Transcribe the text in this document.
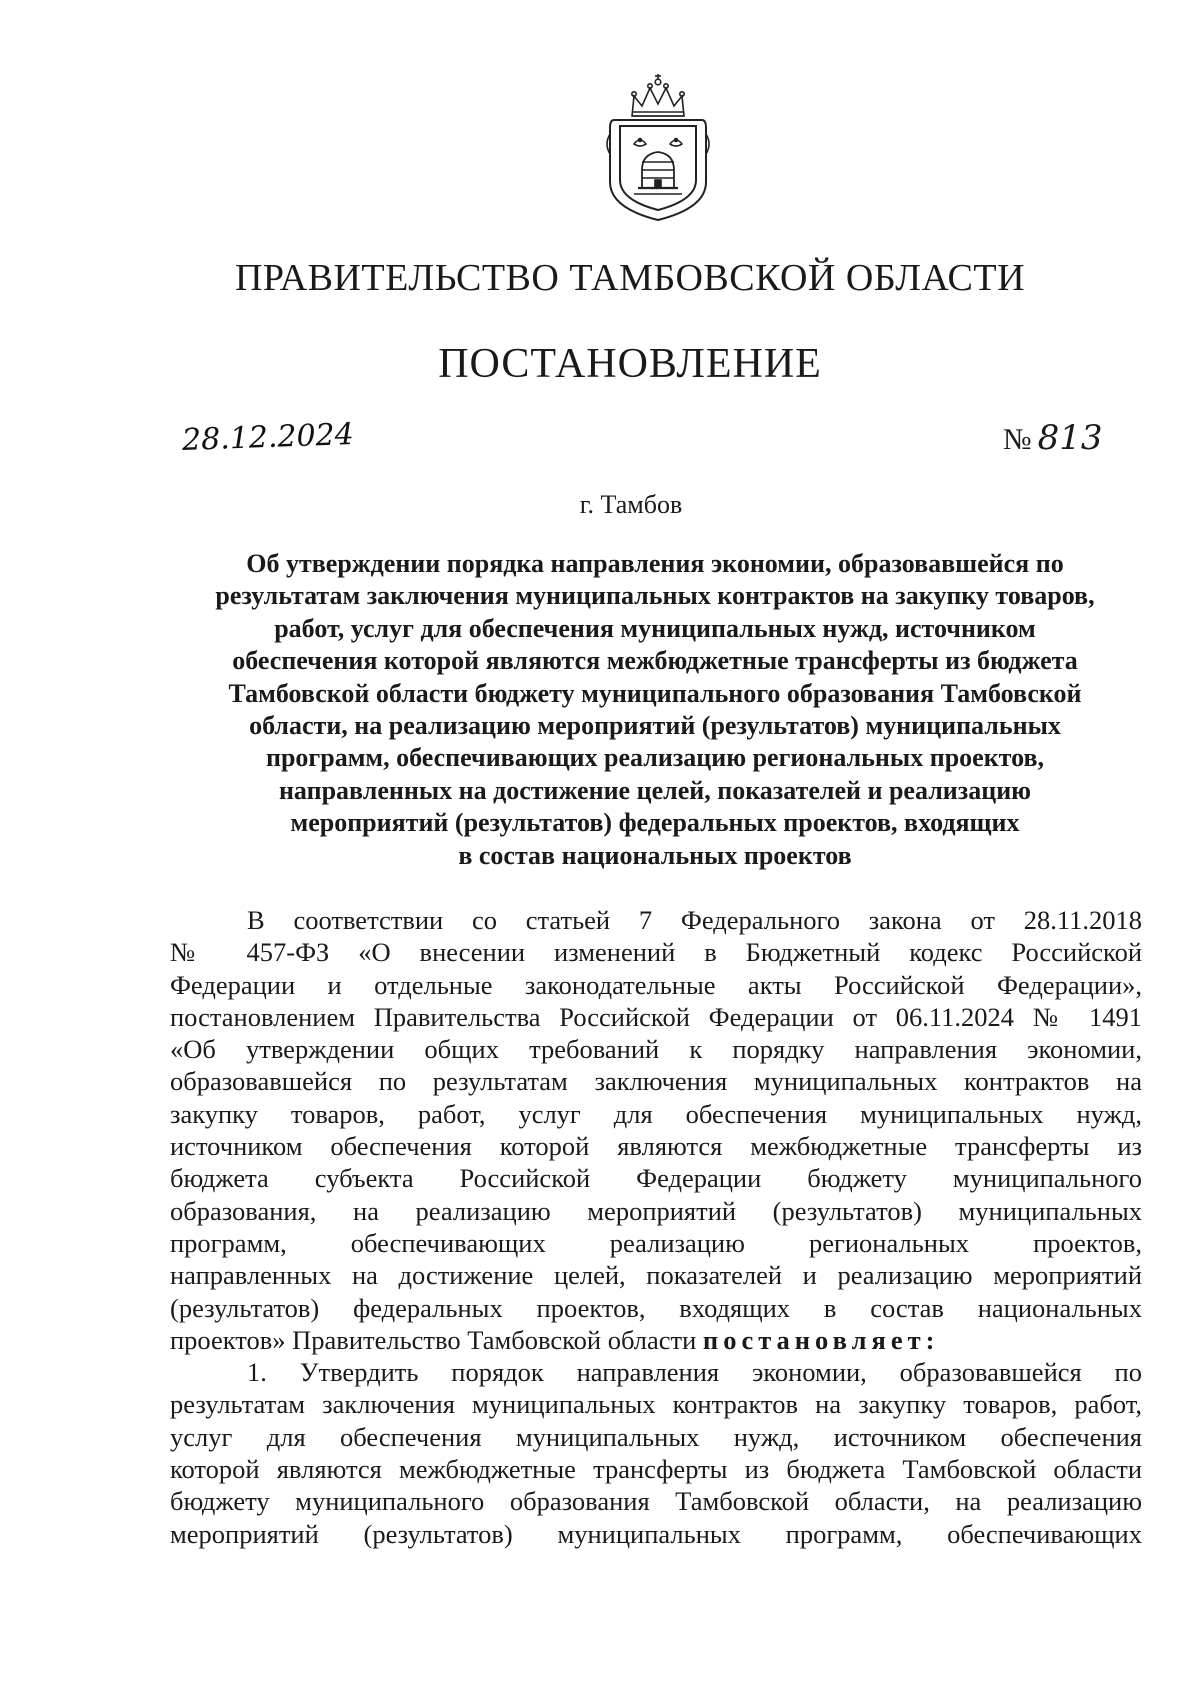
ПРАВИТЕЛЬСТВО ТАМБОВСКОЙ ОБЛАСТИ
ПОСТАНОВЛЕНИЕ
28.12.2024	№ 813
г. Тамбов
Об утверждении порядка направления экономии, образовавшейся по
результатам заключения муниципальных контрактов на закупку товаров,
работ, услуг для обеспечения муниципальных нужд, источником
обеспечения которой являются межбюджетные трансферты из бюджета
Тамбовской области бюджету муниципального образования Тамбовской
области, на реализацию мероприятий (результатов) муниципальных
программ, обеспечивающих реализацию региональных проектов,
направленных на достижение целей, показателей и реализацию
мероприятий (результатов) федеральных проектов, входящих
в состав национальных проектов
В соответствии со статьей 7 Федерального закона от 28.11.2018
№ 457-ФЗ «О внесении изменений в Бюджетный кодекс Российской
Федерации и отдельные законодательные акты Российской Федерации»,
постановлением Правительства Российской Федерации от 06.11.2024 № 1491
«Об утверждении общих требований к порядку направления экономии,
образовавшейся по результатам заключения муниципальных контрактов на
закупку товаров, работ, услуг для обеспечения муниципальных нужд,
источником обеспечения которой являются межбюджетные трансферты из
бюджета субъекта Российской Федерации бюджету муниципального
образования, на реализацию мероприятий (результатов) муниципальных
программ, обеспечивающих реализацию региональных проектов,
направленных на достижение целей, показателей и реализацию мероприятий
(результатов) федеральных проектов, входящих в состав национальных
проектов» Правительство Тамбовской области постановляет:
1. Утвердить порядок направления экономии, образовавшейся по
результатам заключения муниципальных контрактов на закупку товаров, работ,
услуг для обеспечения муниципальных нужд, источником обеспечения
которой являются межбюджетные трансферты из бюджета Тамбовской области
бюджету муниципального образования Тамбовской области, на реализацию
мероприятий (результатов) муниципальных программ, обеспечивающих
